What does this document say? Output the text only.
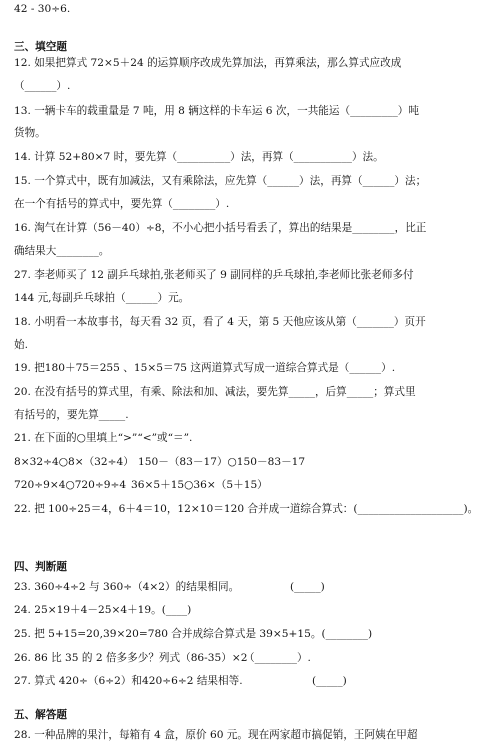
42 - 30÷6.
三、填空题
12. 如果把算式 72×5＋24 的运算顺序改成先算加法，再算乘法，那么算式应改成
（______）.
13. 一辆卡车的载重量是 7 吨，用 8 辆这样的卡车运 6 次，一共能运（_________）吨
货物。
14. 计算 52+80×7 时，要先算（__________）法，再算（___________）法。
15. 一个算式中，既有加减法，又有乘除法，应先算（______）法，再算（______）法；
在一个有括号的算式中，要先算（________）.
16. 淘气在计算（56－40）÷8，不小心把小括号看丢了，算出的结果是________，比正
确结果大________。
27. 李老师买了 12 副乒乓球拍,张老师买了 9 副同样的乒乓球拍,李老师比张老师多付
144 元,每副乒乓球拍（______）元。
18. 小明看一本故事书，每天看 32 页，看了 4 天，第 5 天他应该从第（_______）页开
始.
19. 把180＋75＝255 、15×5＝75 这两道算式写成一道综合算式是（______）.
20. 在没有括号的算式里，有乘、除法和加、减法，要先算_____，后算_____；算式里
有括号的，要先算_____.
21. 在下面的○里填上“>”“<”或“＝”.
8×32÷4○8×（32÷4） 150－（83－17）○150－83－17
720÷9×4○720÷9÷4 36×5＋15○36×（5＋15）
22. 把 100÷25＝4，6＋4＝10，12×10＝120 合并成一道综合算式：(____________________)。
四、判断题
23. 360÷4÷2 与 360÷（4×2）的结果相同。	(_____)
24. 25×19＋4－25×4＋19。(____)
25. 把 5+15=20,39×20=780 合并成综合算式是 39×5+15。(________)
26. 86 比 35 的 2 倍多多少？列式（86-35）×2
（________）.
27. 算式 420÷（6÷2）和420÷6÷2 结果相等.	(_____)
五、解答题
28. 一种品牌的果汁，每箱有 4 盒，原价 60 元。现在两家超市搞促销，王阿姨在甲超
